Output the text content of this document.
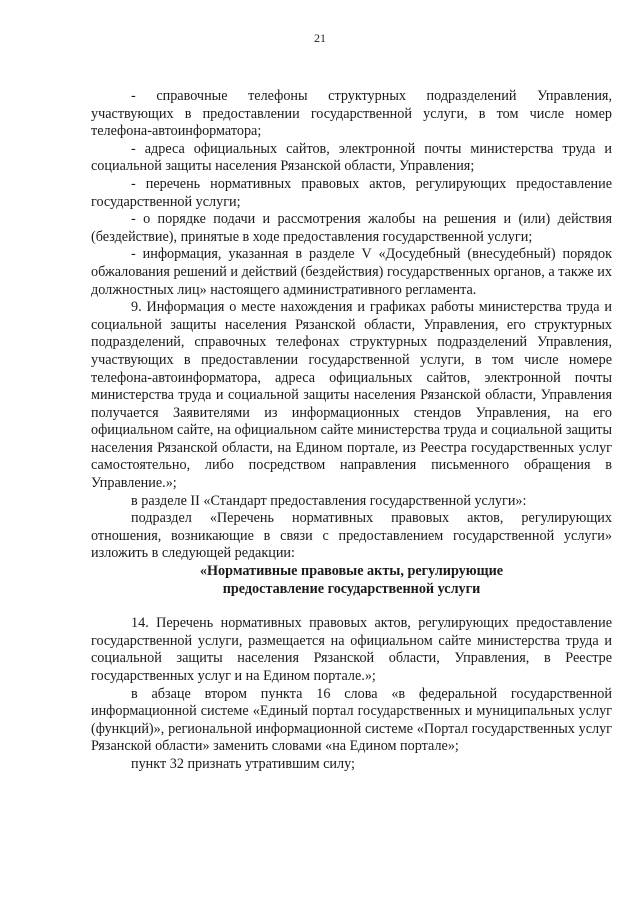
21

- справочные телефоны структурных подразделений Управления, участвующих в предоставлении государственной услуги, в том числе номер телефона-автоинформатора;

- адреса официальных сайтов, электронной почты министерства труда и социальной защиты населения Рязанской области, Управления;

- перечень нормативных правовых актов, регулирующих предоставление государственной услуги;

- о порядке подачи и рассмотрения жалобы на решения и (или) действия (бездействие), принятые в ходе предоставления государственной услуги;

- информация, указанная в разделе V «Досудебный (внесудебный) порядок обжалования решений и действий (бездействия) государственных органов, а также их должностных лиц» настоящего административного регламента.

9. Информация о месте нахождения и графиках работы министерства труда и социальной защиты населения Рязанской области, Управления, его структурных подразделений, справочных телефонах структурных подразделений Управления, участвующих в предоставлении государственной услуги, в том числе номере телефона-автоинформатора, адреса официальных сайтов, электронной почты министерства труда и социальной защиты населения Рязанской области, Управления получается Заявителями из информационных стендов Управления, на его официальном сайте, на официальном сайте министерства труда и социальной защиты населения Рязанской области, на Едином портале, из Реестра государственных услуг самостоятельно, либо посредством направления письменного обращения в Управление.»;

в разделе II «Стандарт предоставления государственной услуги»:

подраздел «Перечень нормативных правовых актов, регулирующих отношения, возникающие в связи с предоставлением государственной услуги» изложить в следующей редакции:

«Нормативные правовые акты, регулирующие

предоставление государственной услуги

14. Перечень нормативных правовых актов, регулирующих предоставление государственной услуги, размещается на официальном сайте министерства труда и социальной защиты населения Рязанской области, Управления, в Реестре государственных услуг и на Едином портале.»;

в абзаце втором пункта 16 слова «в федеральной государственной информационной системе «Единый портал государственных и муниципальных услуг (функций)», региональной информационной системе «Портал государственных услуг Рязанской области» заменить словами «на Едином портале»;

пункт 32 признать утратившим силу;
